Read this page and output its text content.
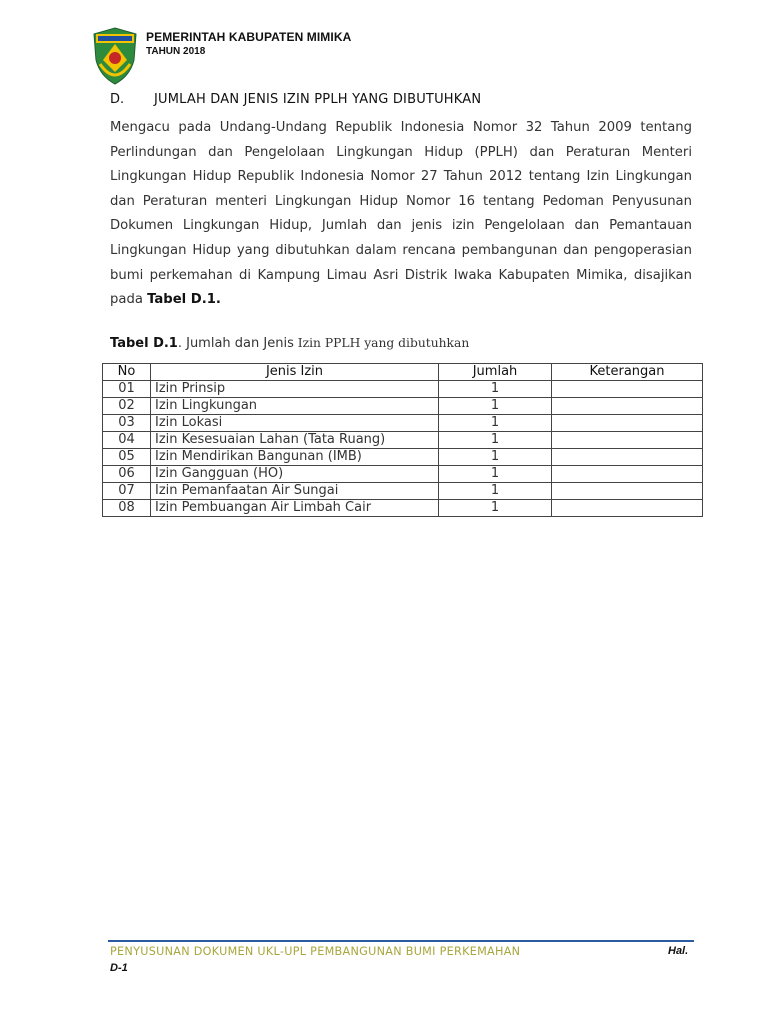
PEMERINTAH KABUPATEN MIMIKA
TAHUN 2018
D. JUMLAH DAN JENIS IZIN PPLH YANG DIBUTUHKAN
Mengacu pada Undang-Undang Republik Indonesia Nomor 32 Tahun 2009 tentang Perlindungan dan Pengelolaan Lingkungan Hidup (PPLH) dan Peraturan Menteri Lingkungan Hidup Republik Indonesia Nomor 27 Tahun 2012 tentang Izin Lingkungan dan Peraturan menteri Lingkungan Hidup Nomor 16 tentang Pedoman Penyusunan Dokumen Lingkungan Hidup, Jumlah dan jenis izin Pengelolaan dan Pemantauan Lingkungan Hidup yang dibutuhkan dalam rencana pembangunan dan pengoperasian bumi perkemahan di Kampung Limau Asri Distrik Iwaka Kabupaten Mimika, disajikan pada Tabel D.1.
Tabel D.1. Jumlah dan Jenis Izin PPLH yang dibutuhkan
No	Jenis Izin	Jumlah	Keterangan
01	Izin Prinsip	1	
02	Izin Lingkungan	1	
03	Izin Lokasi	1	
04	Izin Kesesuaian Lahan (Tata Ruang)	1	
05	Izin Mendirikan Bangunan (IMB)	1	
06	Izin Gangguan (HO)	1	
07	Izin Pemanfaatan Air Sungai	1	
08	Izin Pembuangan Air Limbah Cair	1	
PENYUSUNAN DOKUMEN UKL-UPL PEMBANGUNAN BUMI PERKEMAHAN	Hal.
D-1
